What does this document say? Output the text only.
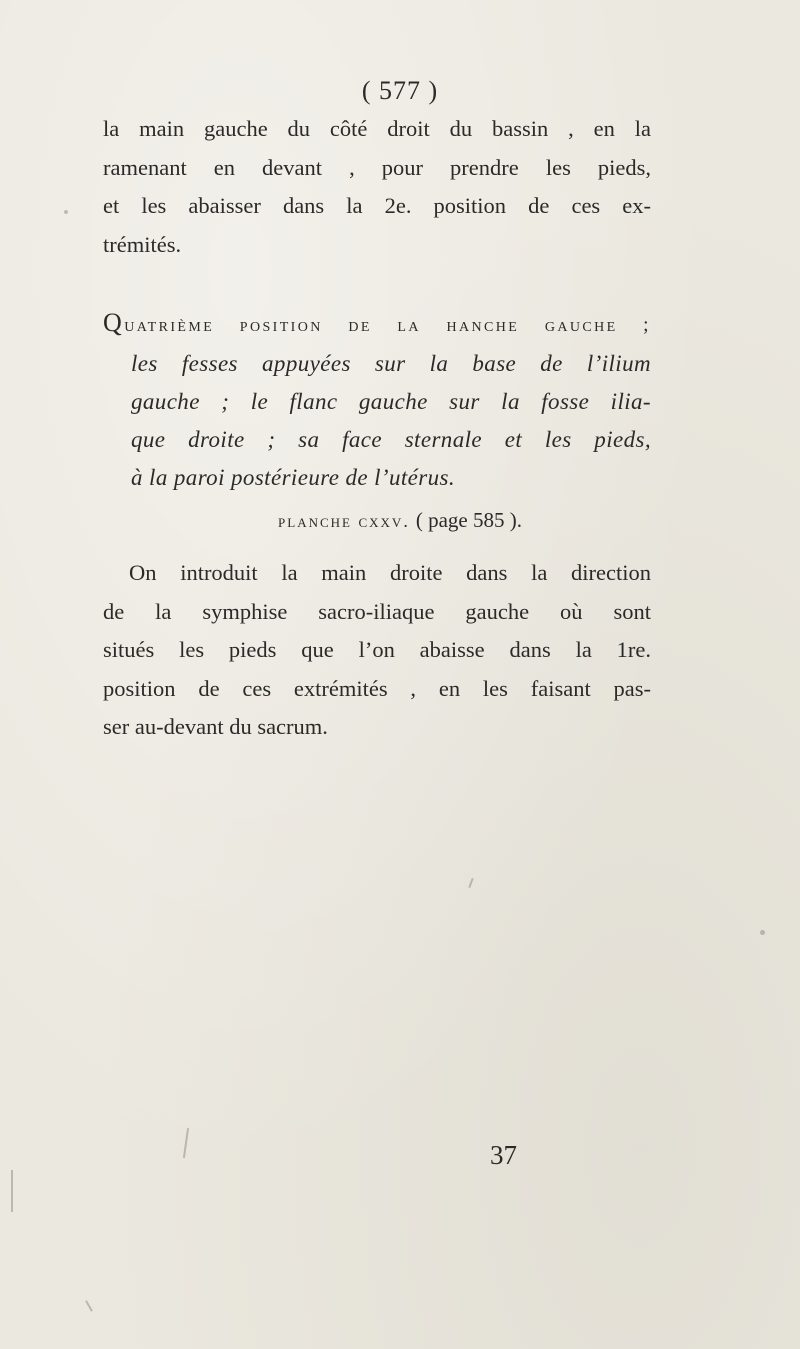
( 577 )
la main gauche du côté droit du bassin , en la
ramenant en devant , pour prendre les pieds,
et les abaisser dans la 2e. position de ces ex-
trémités.
Quatrième position de la hanche gauche ;
les fesses appuyées sur la base de l’ilium
gauche ; le flanc gauche sur la fosse ilia-
que droite ; sa face sternale et les pieds,
à la paroi postérieure de l’utérus.
planche cxxv. ( page 585 ).
On introduit la main droite dans la direction
de la symphise sacro-iliaque gauche où sont
situés les pieds que l’on abaisse dans la 1re.
position de ces extrémités , en les faisant pas-
ser au-devant du sacrum.
37
